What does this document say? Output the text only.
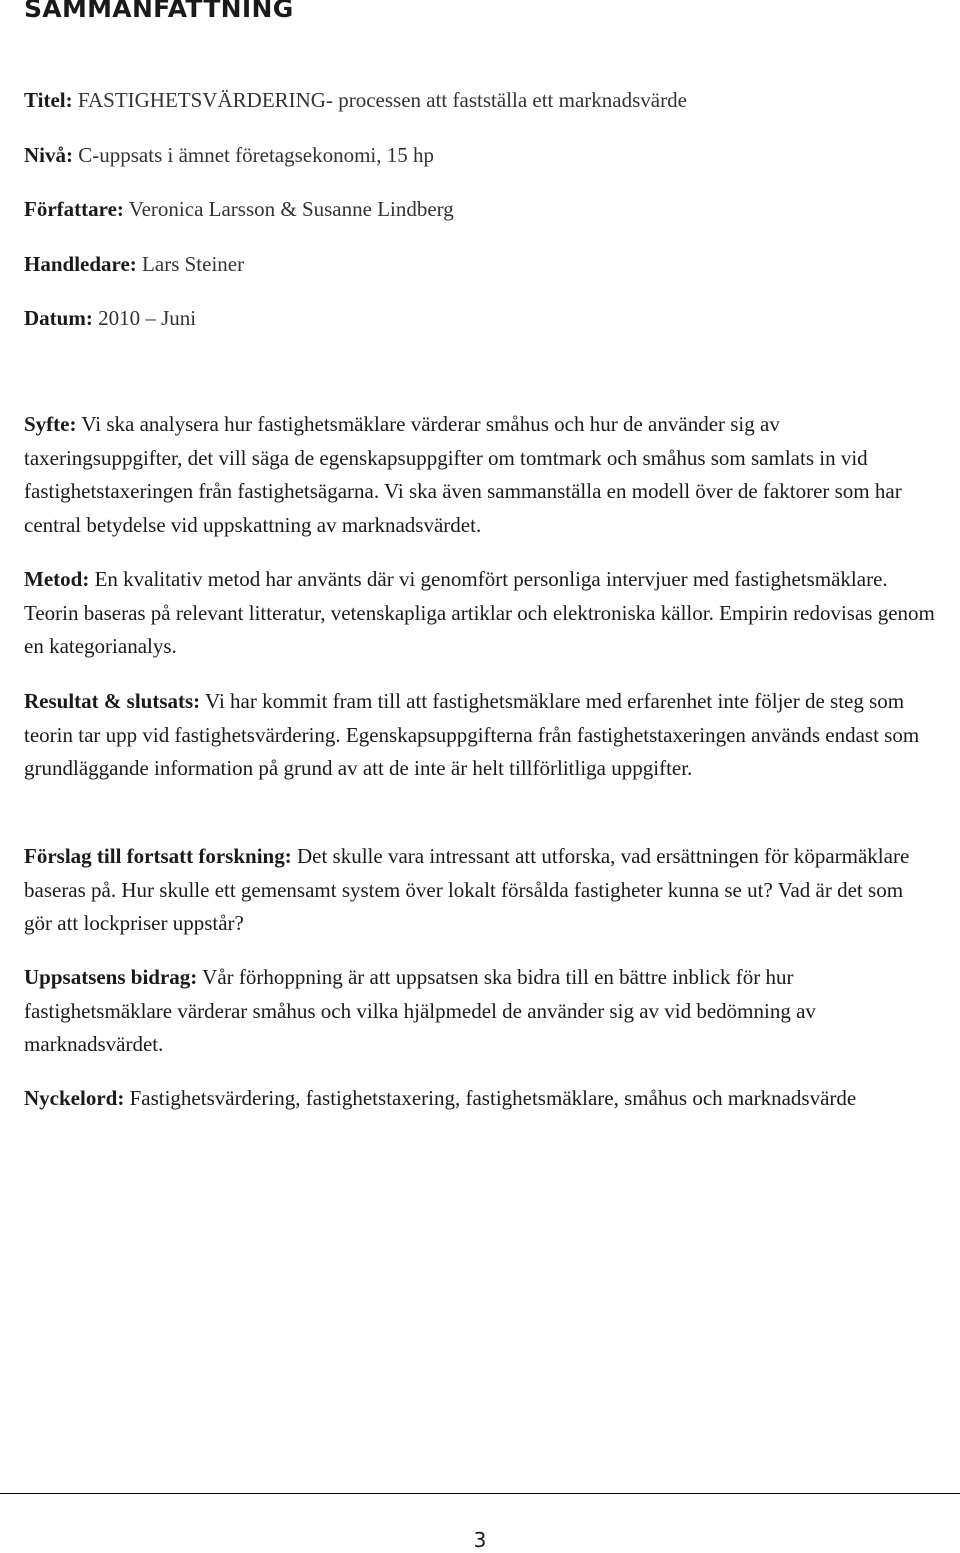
SAMMANFATTNING

Titel: FASTIGHETSVÄRDERING- processen att fastställa ett marknadsvärde

Nivå: C-uppsats i ämnet företagsekonomi, 15 hp

Författare: Veronica Larsson & Susanne Lindberg

Handledare: Lars Steiner

Datum: 2010 – Juni

Syfte: Vi ska analysera hur fastighetsmäklare värderar småhus och hur de använder sig av taxeringsuppgifter, det vill säga de egenskapsuppgifter om tomtmark och småhus som samlats in vid fastighetstaxeringen från fastighetsägarna. Vi ska även sammanställa en modell över de faktorer som har central betydelse vid uppskattning av marknadsvärdet.

Metod: En kvalitativ metod har använts där vi genomfört personliga intervjuer med fastighetsmäklare. Teorin baseras på relevant litteratur, vetenskapliga artiklar och elektroniska källor. Empirin redovisas genom en kategorianalys.

Resultat & slutsats: Vi har kommit fram till att fastighetsmäklare med erfarenhet inte följer de steg som teorin tar upp vid fastighetsvärdering. Egenskapsuppgifterna från fastighetstaxeringen används endast som grundläggande information på grund av att de inte är helt tillförlitliga uppgifter.

Förslag till fortsatt forskning: Det skulle vara intressant att utforska, vad ersättningen för köparmäklare baseras på. Hur skulle ett gemensamt system över lokalt försålda fastigheter kunna se ut? Vad är det som gör att lockpriser uppstår?

Uppsatsens bidrag: Vår förhoppning är att uppsatsen ska bidra till en bättre inblick för hur fastighetsmäklare värderar småhus och vilka hjälpmedel de använder sig av vid bedömning av marknadsvärdet.

Nyckelord: Fastighetsvärdering, fastighetstaxering, fastighetsmäklare, småhus och marknadsvärde

3
